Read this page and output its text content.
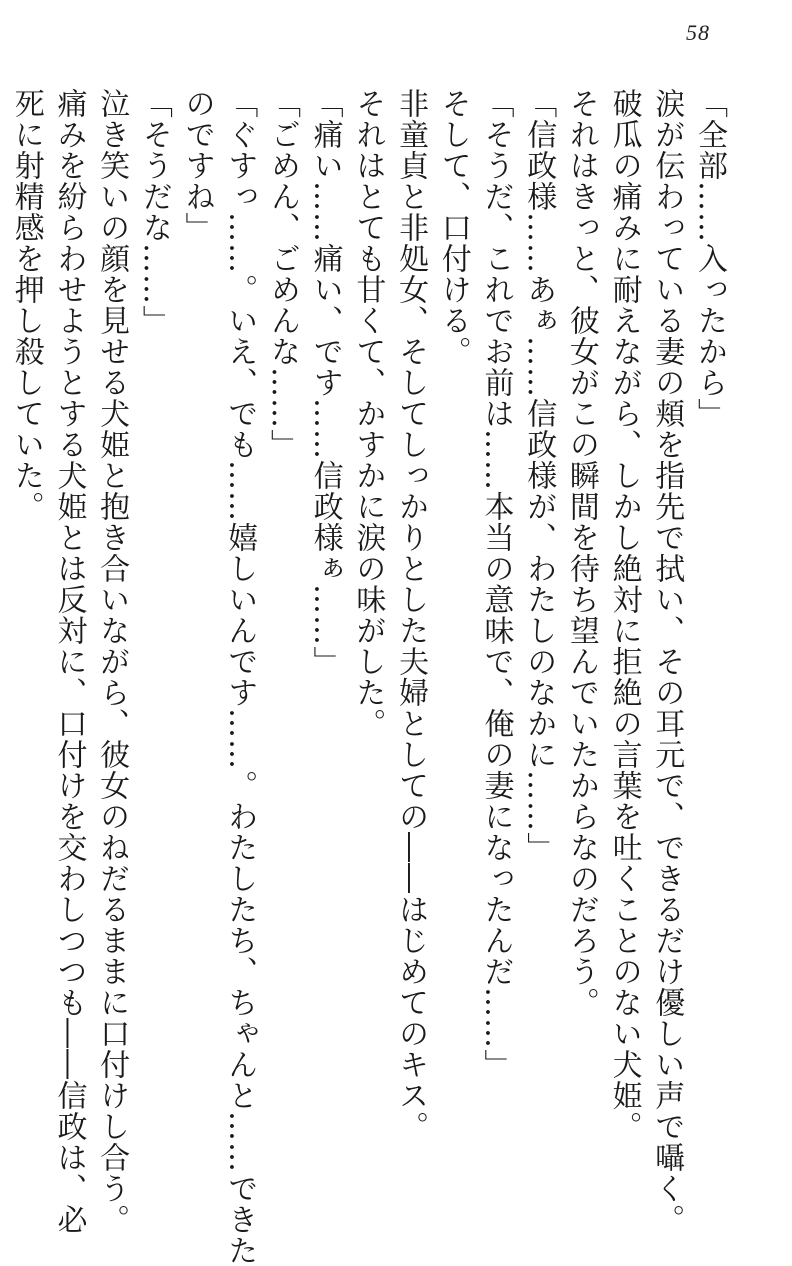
58

「全部……入ったから」

涙が伝わっている妻の頬を指先で拭い、その耳元で、できるだけ優しい声で囁く。

破瓜の痛みに耐えながら、しかし絶対に拒絶の言葉を吐くことのない犬姫。

それはきっと、彼女がこの瞬間を待ち望んでいたからなのだろう。

「信政様……あぁ……信政様が、わたしのなかに……」

「そうだ、これでお前は……本当の意味で、俺の妻になったんだ……」

そして、口付ける。

非童貞と非処女、そしてしっかりとした夫婦としての――はじめてのキス。

それはとても甘くて、かすかに涙の味がした。

「痛い……痛い、です……信政様ぁ……」

「ごめん、ごめんな……」

「ぐすっ……。いえ、でも……嬉しいんです……。わたしたち、ちゃんと……できた

のですね」

「そうだな……」

泣き笑いの顔を見せる犬姫と抱き合いながら、彼女のねだるままに口付けし合う。

痛みを紛らわせようとする犬姫とは反対に、口付けを交わしつつも――信政は、必

死に射精感を押し殺していた。
